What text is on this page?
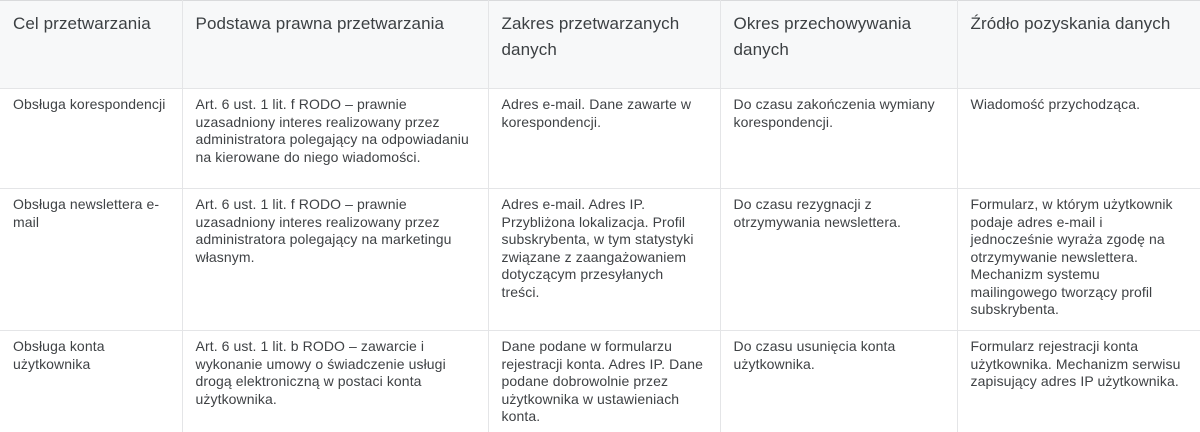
Cel przetwarzania	Podstawa prawna przetwarzania	Zakres przetwarzanych danych	Okres przechowywania danych	Źródło pozyskania danych
Obsługa korespondencji	Art. 6 ust. 1 lit. f RODO – prawnie uzasadniony interes realizowany przez administratora polegający na odpowiadaniu na kierowane do niego wiadomości.	Adres e-mail. Dane zawarte w korespondencji.	Do czasu zakończenia wymiany korespondencji.	Wiadomość przychodząca.
Obsługa newslettera e-mail	Art. 6 ust. 1 lit. f RODO – prawnie uzasadniony interes realizowany przez administratora polegający na marketingu własnym.	Adres e-mail. Adres IP. Przybliżona lokalizacja. Profil subskrybenta, w tym statystyki związane z zaangażowaniem dotyczącym przesyłanych treści.	Do czasu rezygnacji z otrzymywania newslettera.	Formularz, w którym użytkownik podaje adres e-mail i jednocześnie wyraża zgodę na otrzymywanie newslettera. Mechanizm systemu mailingowego tworzący profil subskrybenta.
Obsługa konta użytkownika	Art. 6 ust. 1 lit. b RODO – zawarcie i wykonanie umowy o świadczenie usługi drogą elektroniczną w postaci konta użytkownika.	Dane podane w formularzu rejestracji konta. Adres IP. Dane podane dobrowolnie przez użytkownika w ustawieniach konta.	Do czasu usunięcia konta użytkownika.	Formularz rejestracji konta użytkownika. Mechanizm serwisu zapisujący adres IP użytkownika.
